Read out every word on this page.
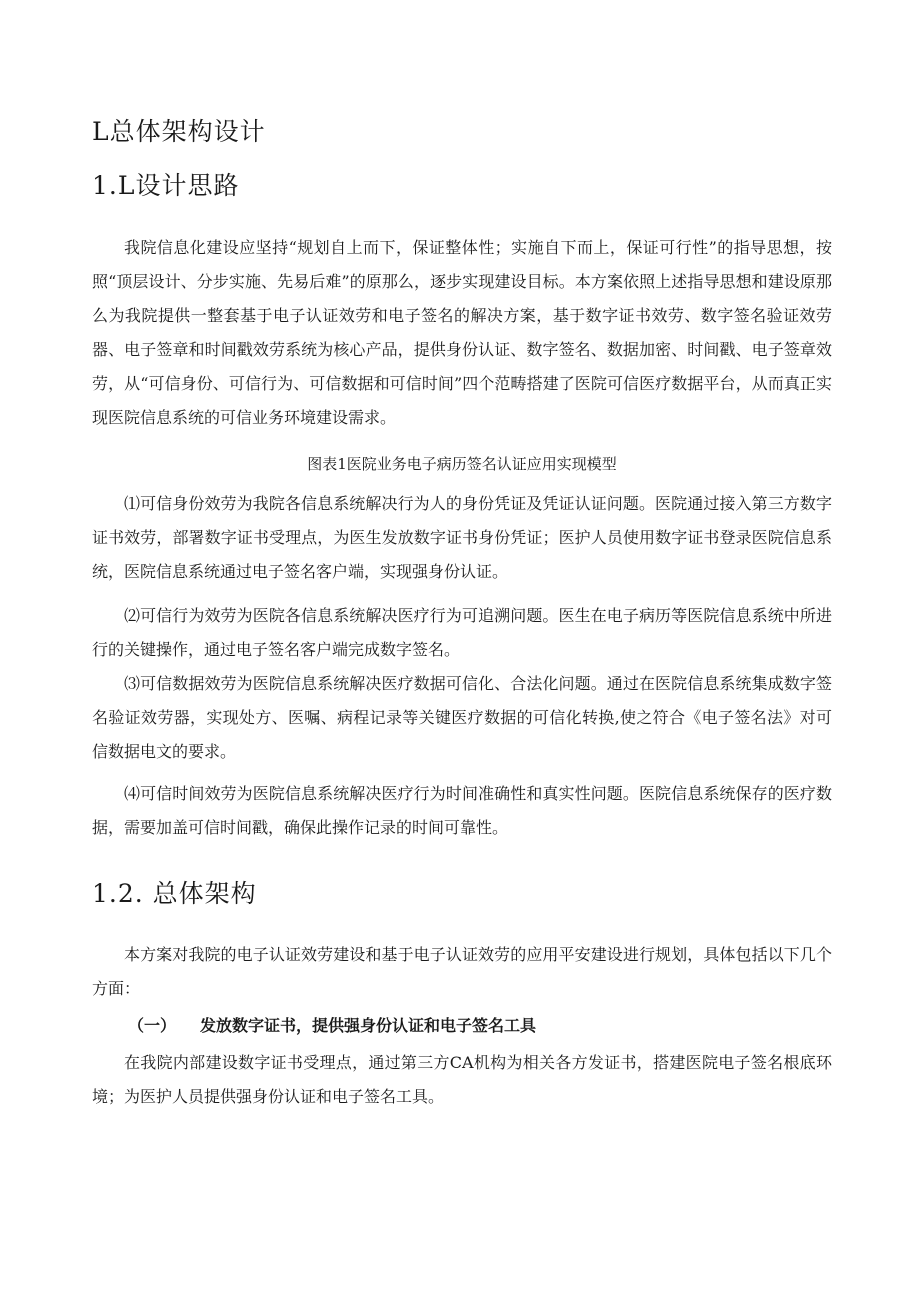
L总体架构设计
1.L设计思路
我院信息化建设应坚持“规划自上而下，保证整体性；实施自下而上，保证可行性”的指导思想，按照“顶层设计、分步实施、先易后难”的原那么，逐步实现建设目标。本方案依照上述指导思想和建设原那么为我院提供一整套基于电子认证效劳和电子签名的解决方案，基于数字证书效劳、数字签名验证效劳器、电子签章和时间戳效劳系统为核心产品，提供身份认证、数字签名、数据加密、时间戳、电子签章效劳，从“可信身份、可信行为、可信数据和可信时间”四个范畴搭建了医院可信医疗数据平台，从而真正实现医院信息系统的可信业务环境建设需求。
图表1医院业务电子病历签名认证应用实现模型
⑴可信身份效劳为我院各信息系统解决行为人的身份凭证及凭证认证问题。医院通过接入第三方数字证书效劳，部署数字证书受理点，为医生发放数字证书身份凭证；医护人员使用数字证书登录医院信息系统，医院信息系统通过电子签名客户端，实现强身份认证。
⑵可信行为效劳为医院各信息系统解决医疗行为可追溯问题。医生在电子病历等医院信息系统中所进行的关键操作，通过电子签名客户端完成数字签名。
⑶可信数据效劳为医院信息系统解决医疗数据可信化、合法化问题。通过在医院信息系统集成数字签名验证效劳器，实现处方、医嘱、病程记录等关键医疗数据的可信化转换,使之符合《电子签名法》对可信数据电文的要求。
⑷可信时间效劳为医院信息系统解决医疗行为时间准确性和真实性问题。医院信息系统保存的医疗数据，需要加盖可信时间戳，确保此操作记录的时间可靠性。
1.2. 总体架构
本方案对我院的电子认证效劳建设和基于电子认证效劳的应用平安建设进行规划，具体包括以下几个方面：
（一） 发放数字证书，提供强身份认证和电子签名工具
在我院内部建设数字证书受理点，通过第三方CA机构为相关各方发证书，搭建医院电子签名根底环境；为医护人员提供强身份认证和电子签名工具。
